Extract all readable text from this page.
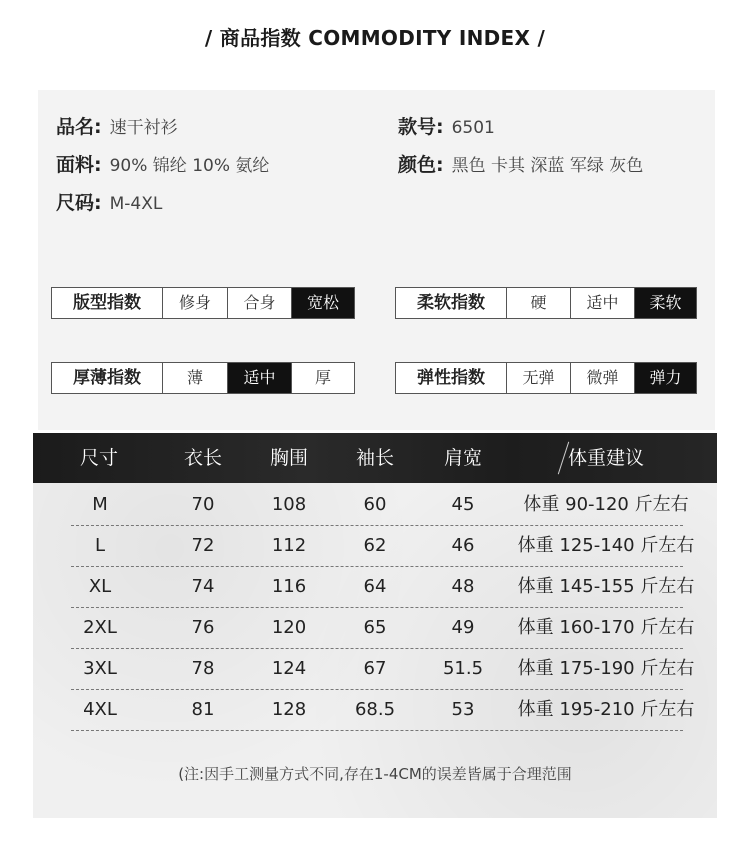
/ 商品指数 COMMODITY INDEX /
品名: 速干衬衫
面料: 90% 锦纶 10% 氨纶
尺码: M-4XL
款号: 6501
颜色: 黑色 卡其 深蓝 军绿 灰色
版型指数	修身	合身	宽松	柔软指数	硬	适中	柔软
厚薄指数	薄	适中	厚	弹性指数	无弹	微弹	弹力
尺寸	衣长	胸围	袖长	肩宽	体重建议
M	70	108	60	45	体重 90-120 斤左右
L	72	112	62	46 体重 125-140 斤左右
XL	74	116	64	48 体重 145-155 斤左右
2XL	76	120	65	49 体重 160-170 斤左右
3XL	78	124	67	51.5 体重 175-190 斤左右
4XL	81	128	68.5	53 体重 195-210 斤左右
(注:因手工测量方式不同,存在1-4CM的误差皆属于合理范围
